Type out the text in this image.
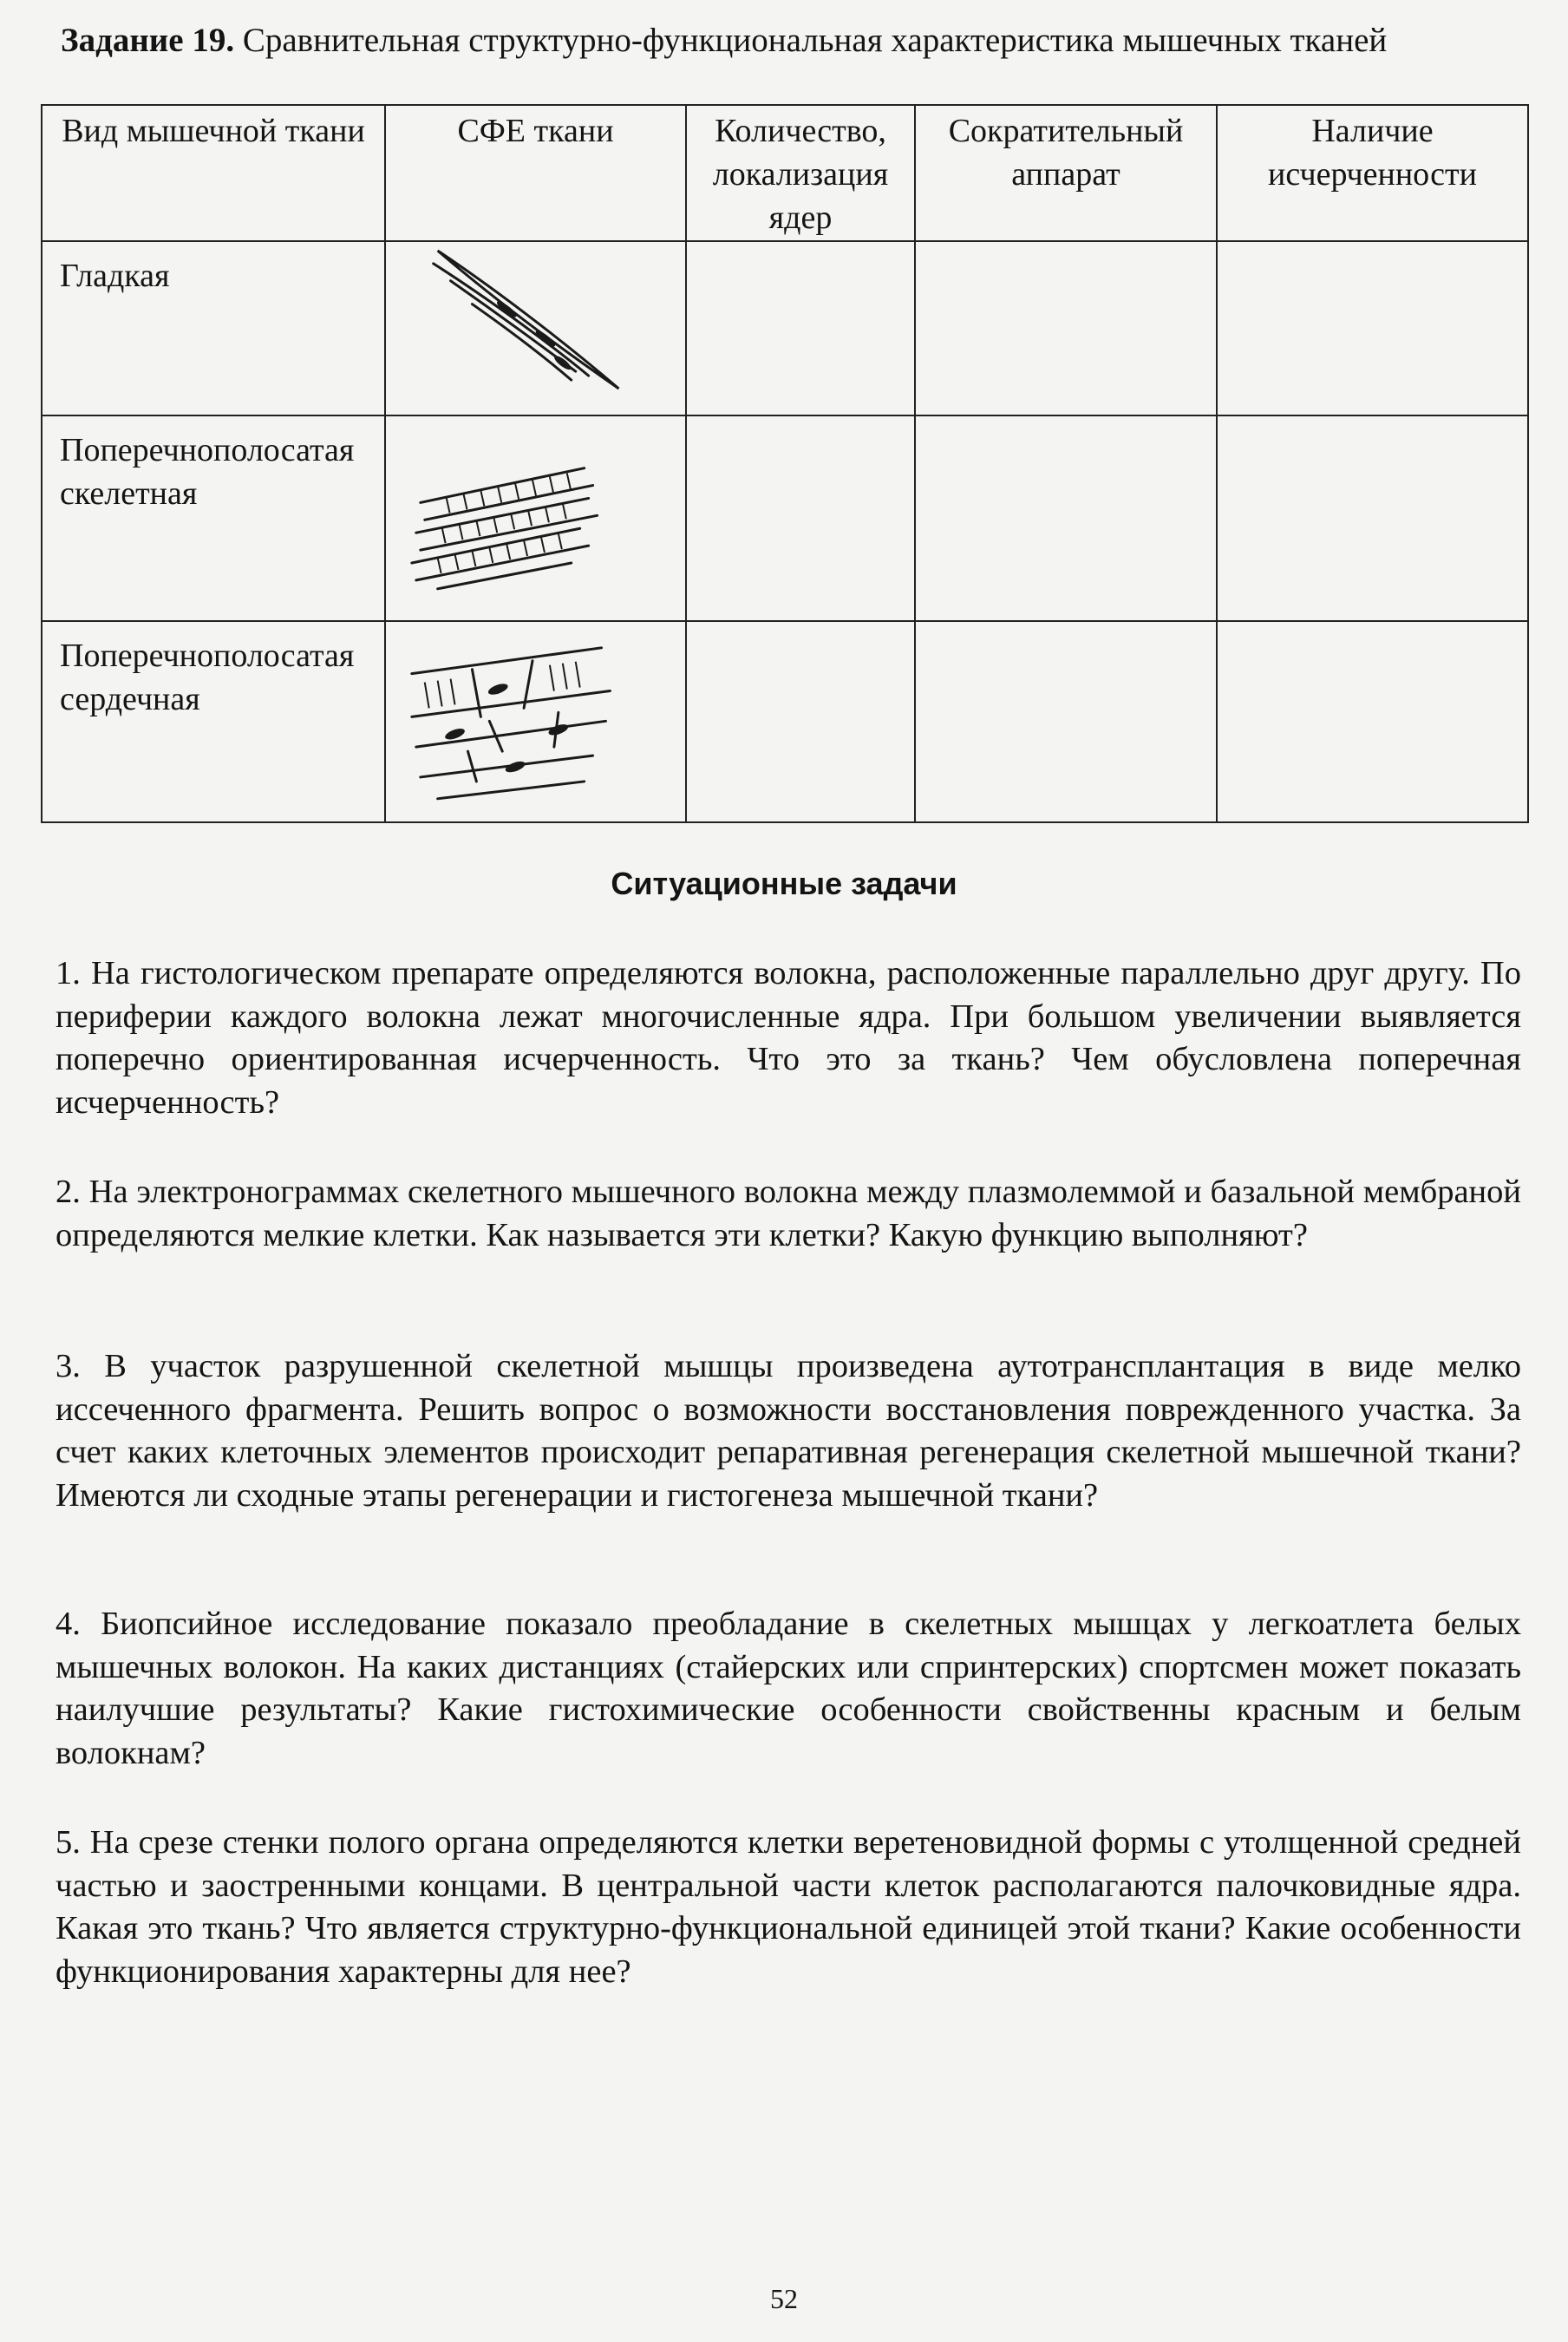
Задание 19. Сравнительная структурно-функциональная характеристика мышечных тканей
Вид мышечной ткани	СФЕ ткани	Количество, локализация ядер	Сократительный аппарат	Наличие исчерченности
Гладкая	

Поперечнополосатая скелетная	

Поперечнополосатая сердечная	

Ситуационные задачи
1. На гистологическом препарате определяются волокна, расположенные параллельно друг другу. По периферии каждого волокна лежат многочисленные ядра. При большом увеличении выявляется поперечно ориентированная исчерченность. Что это за ткань? Чем обусловлена поперечная исчерченность?
2. На электронограммах скелетного мышечного волокна между плазмолеммой и базальной мембраной определяются мелкие клетки. Как называется эти клетки? Какую функцию выполняют?
3. В участок разрушенной скелетной мышцы произведена аутотрансплантация в виде мелко иссеченного фрагмента. Решить вопрос о возможности восстановления поврежденного участка. За счет каких клеточных элементов происходит репаративная регенерация скелетной мышечной ткани? Имеются ли сходные этапы регенерации и гистогенеза мышечной ткани?
4. Биопсийное исследование показало преобладание в скелетных мышцах у легкоатлета белых мышечных волокон. На каких дистанциях (стайерских или спринтерских) спортсмен может показать наилучшие результаты? Какие гистохимические особенности свойственны красным и белым волокнам?
5. На срезе стенки полого органа определяются клетки веретеновидной формы с утолщенной средней частью и заостренными концами. В центральной части клеток располагаются палочковидные ядра. Какая это ткань? Что является структурно-функциональной единицей этой ткани? Какие особенности функционирования характерны для нее?
52
